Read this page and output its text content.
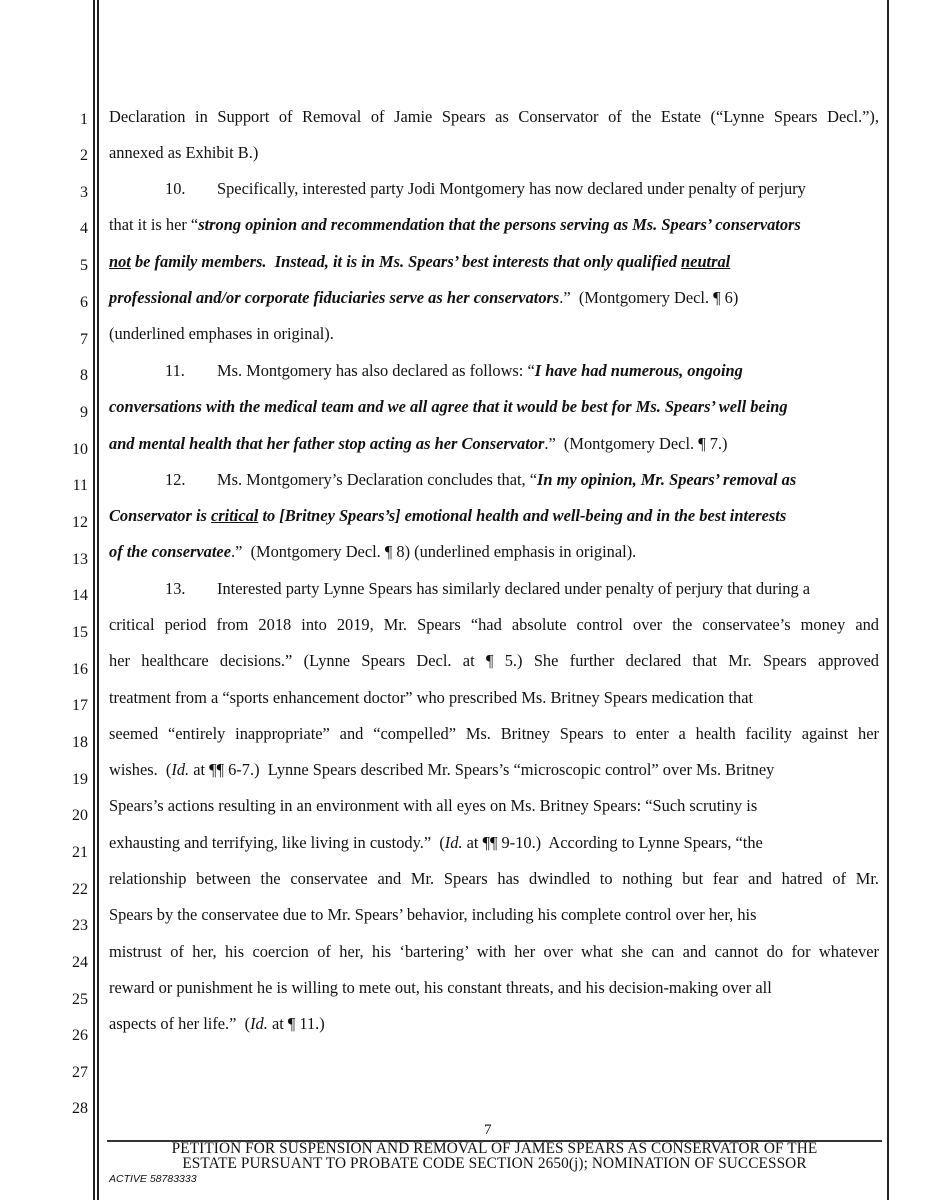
1
2
3
4
5
6
7
8
9
10
11
12
13
14
15
16
17
18
19
20
21
22
23
24
25
26
27
28
Declaration in Support of Removal of Jamie Spears as Conservator of the Estate (“Lynne Spears Decl.”),
annexed as Exhibit B.)
10. Specifically, interested party Jodi Montgomery has now declared under penalty of perjury
that it is her “strong opinion and recommendation that the persons serving as Ms. Spears’ conservators
not be family members.  Instead, it is in Ms. Spears’ best interests that only qualified neutral
professional and/or corporate fiduciaries serve as her conservators.”  (Montgomery Decl. ¶ 6)
(underlined emphases in original).
11. Ms. Montgomery has also declared as follows: “I have had numerous, ongoing
conversations with the medical team and we all agree that it would be best for Ms. Spears’ well being
and mental health that her father stop acting as her Conservator.”  (Montgomery Decl. ¶ 7.)
12. Ms. Montgomery’s Declaration concludes that, “In my opinion, Mr. Spears’ removal as
Conservator is critical to [Britney Spears’s] emotional health and well-being and in the best interests
of the conservatee.”  (Montgomery Decl. ¶ 8) (underlined emphasis in original).
13. Interested party Lynne Spears has similarly declared under penalty of perjury that during a
critical period from 2018 into 2019, Mr. Spears “had absolute control over the conservatee’s money and
her healthcare decisions.” (Lynne Spears Decl. at ¶ 5.) She further declared that Mr. Spears approved
treatment from a “sports enhancement doctor” who prescribed Ms. Britney Spears medication that
seemed “entirely inappropriate” and “compelled” Ms. Britney Spears to enter a health facility against her
wishes.  (Id. at ¶¶ 6-7.)  Lynne Spears described Mr. Spears’s “microscopic control” over Ms. Britney
Spears’s actions resulting in an environment with all eyes on Ms. Britney Spears: “Such scrutiny is
exhausting and terrifying, like living in custody.”  (Id. at ¶¶ 9-10.)  According to Lynne Spears, “the
relationship between the conservatee and Mr. Spears has dwindled to nothing but fear and hatred of Mr.
Spears by the conservatee due to Mr. Spears’ behavior, including his complete control over her, his
mistrust of her, his coercion of her, his ‘bartering’ with her over what she can and cannot do for whatever
reward or punishment he is willing to mete out, his constant threats, and his decision-making over all
aspects of her life.”  (Id. at ¶ 11.)
7
PETITION FOR SUSPENSION AND REMOVAL OF JAMES SPEARS AS CONSERVATOR OF THE
ESTATE PURSUANT TO PROBATE CODE SECTION 2650(j); NOMINATION OF SUCCESSOR
ACTIVE 58783333
